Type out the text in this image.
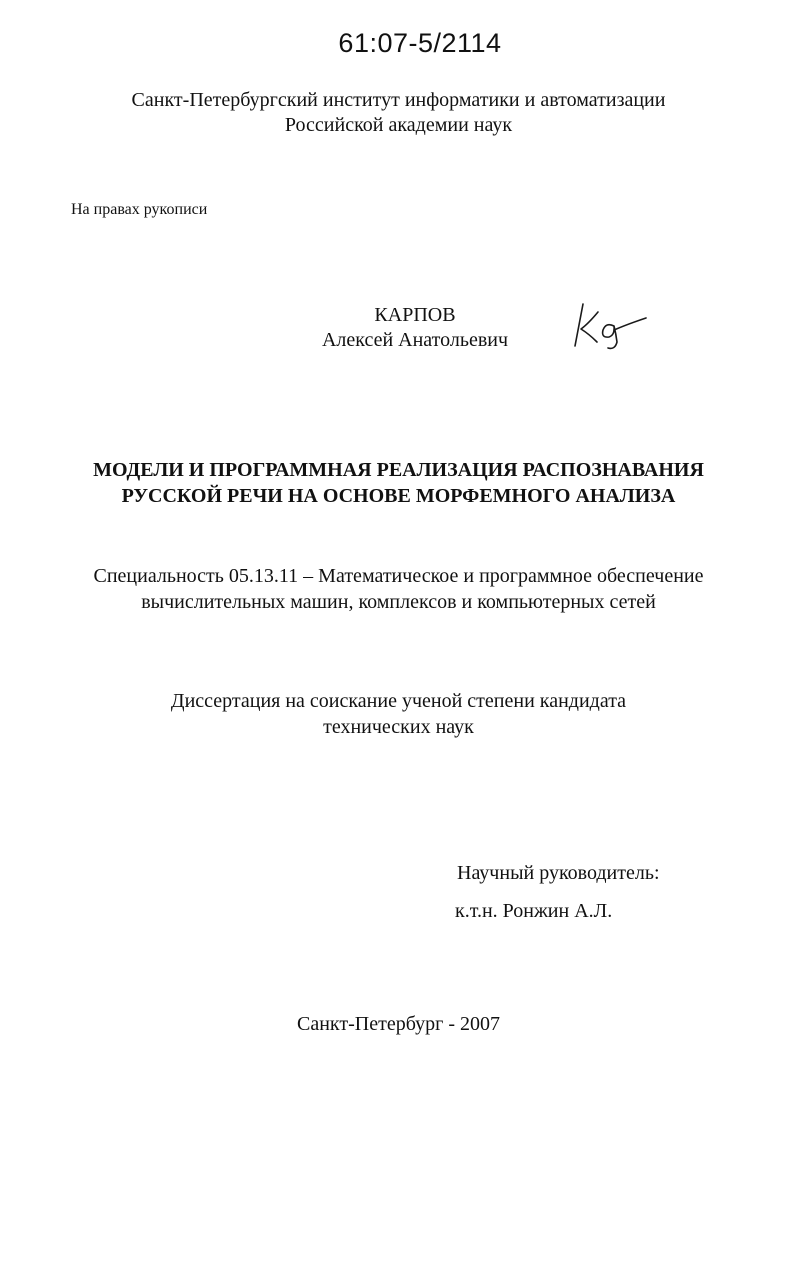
61:07-5/2114
Санкт-Петербургский институт информатики и автоматизации
Российской академии наук
На правах рукописи
КАРПОВ
Алексей Анатольевич
МОДЕЛИ И ПРОГРАММНАЯ РЕАЛИЗАЦИЯ РАСПОЗНАВАНИЯ
РУССКОЙ РЕЧИ НА ОСНОВЕ МОРФЕМНОГО АНАЛИЗА
Специальность 05.13.11 – Математическое и программное обеспечение
вычислительных машин, комплексов и компьютерных сетей
Диссертация на соискание ученой степени кандидата
технических наук
Научный руководитель:
к.т.н. Ронжин А.Л.
Санкт-Петербург - 2007
